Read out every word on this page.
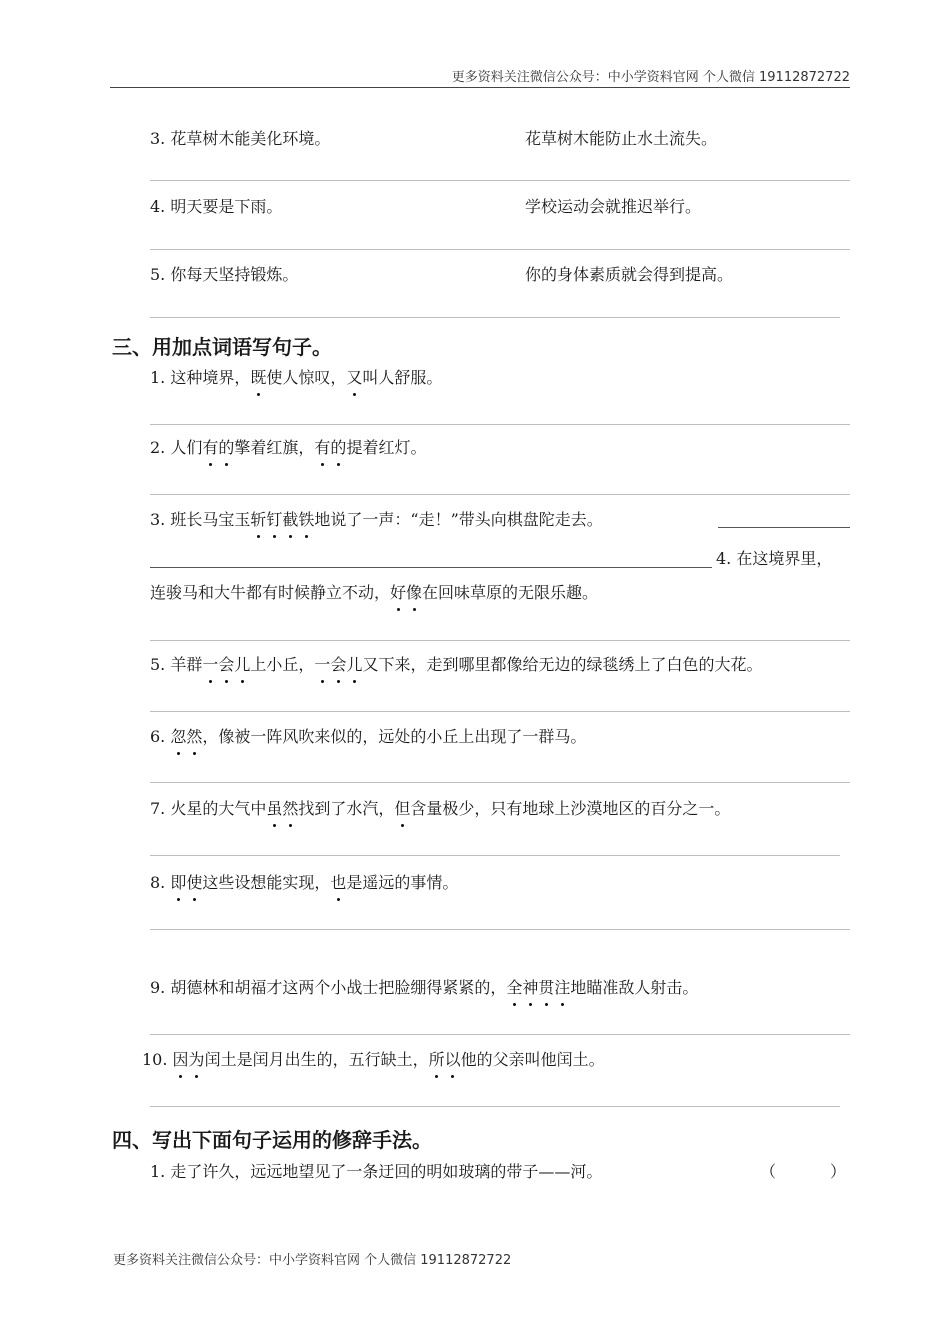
更多资料关注微信公众号：中小学资料官网 个人微信 19112872722
3. 花草树木能美化环境。	花草树木能防止水土流失。
4. 明天要是下雨。	学校运动会就推迟举行。
5. 你每天坚持锻炼。	你的身体素质就会得到提高。
三、用加点词语写句子。
1. 这种境界，既使人惊叹，又叫人舒服。
2. 人们有的擎着红旗，有的提着红灯。
3. 班长马宝玉斩钉截铁地说了一声：“走！”带头向棋盘陀走去。
4. 在这境界里，
连骏马和大牛都有时候静立不动，好像在回味草原的无限乐趣。
5. 羊群一会儿上小丘，一会儿又下来，走到哪里都像给无边的绿毯绣上了白色的大花。
6. 忽然，像被一阵风吹来似的，远处的小丘上出现了一群马。
7. 火星的大气中虽然找到了水汽，但含量极少，只有地球上沙漠地区的百分之一。
8. 即使这些设想能实现，也是遥远的事情。
9. 胡德林和胡福才这两个小战士把脸绷得紧紧的，全神贯注地瞄准敌人射击。
10. 因为闰土是闰月出生的，五行缺土，所以他的父亲叫他闰土。
四、写出下面句子运用的修辞手法。
1. 走了许久，远远地望见了一条迂回的明如玻璃的带子——河。	（	）
更多资料关注微信公众号：中小学资料官网 个人微信 19112872722
